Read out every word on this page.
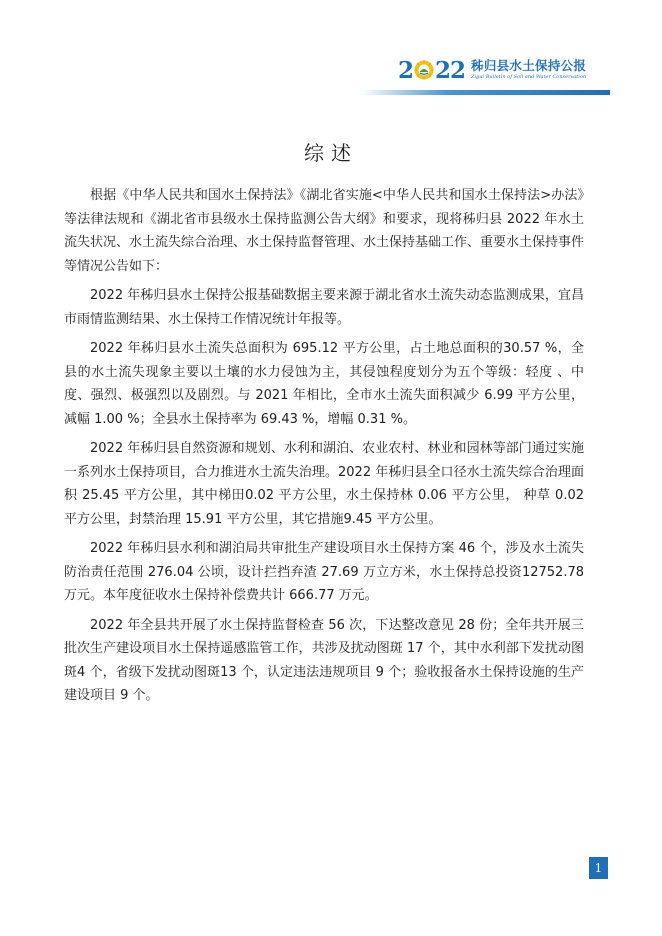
2 22 秭归县水土保持公报
Zigui Bulletin of Soil and Water Conservation
综述

根据《中华人民共和国水土保持法》《湖北省实施<中华人民共和国水土保持法>办法》等法律法规和《湖北省市县级水土保持监测公告大纲》和要求，现将秭归县 2022 年水土流失状况、水土流失综合治理、水土保持监督管理、水土保持基础工作、重要水土保持事件等情况公告如下：

2022 年秭归县水土保持公报基础数据主要来源于湖北省水土流失动态监测成果，宜昌市雨情监测结果、水土保持工作情况统计年报等。

2022 年秭归县水土流失总面积为 695.12 平方公里，占土地总面积的30.57 %，全县的水土流失现象主要以土壤的水力侵蚀为主，其侵蚀程度划分为五个等级：轻度 、中度、强烈、极强烈以及剧烈。与 2021 年相比，全市水土流失面积减少 6.99 平方公里，减幅 1.00 %；全县水土保持率为 69.43 %，增幅 0.31 %。

2022 年秭归县自然资源和规划、水利和湖泊、农业农村、林业和园林等部门通过实施一系列水土保持项目，合力推进水土流失治理。2022 年秭归县全口径水土流失综合治理面积 25.45 平方公里，其中梯田0.02 平方公里，水土保持林 0.06 平方公里， 种草 0.02 平方公里，封禁治理 15.91 平方公里，其它措施9.45 平方公里。

2022 年秭归县水利和湖泊局共审批生产建设项目水土保持方案 46 个，涉及水土流失防治责任范围 276.04 公顷，设计拦挡弃渣 27.69 万立方米，水土保持总投资12752.78 万元。本年度征收水土保持补偿费共计 666.77 万元。

2022 年全县共开展了水土保持监督检查 56 次，下达整改意见 28 份；全年共开展三批次生产建设项目水土保持遥感监管工作，共涉及扰动图斑 17 个，其中水利部下发扰动图斑4 个，省级下发扰动图斑13 个，认定违法违规项目 9 个；验收报备水土保持设施的生产建设项目 9 个。

1
